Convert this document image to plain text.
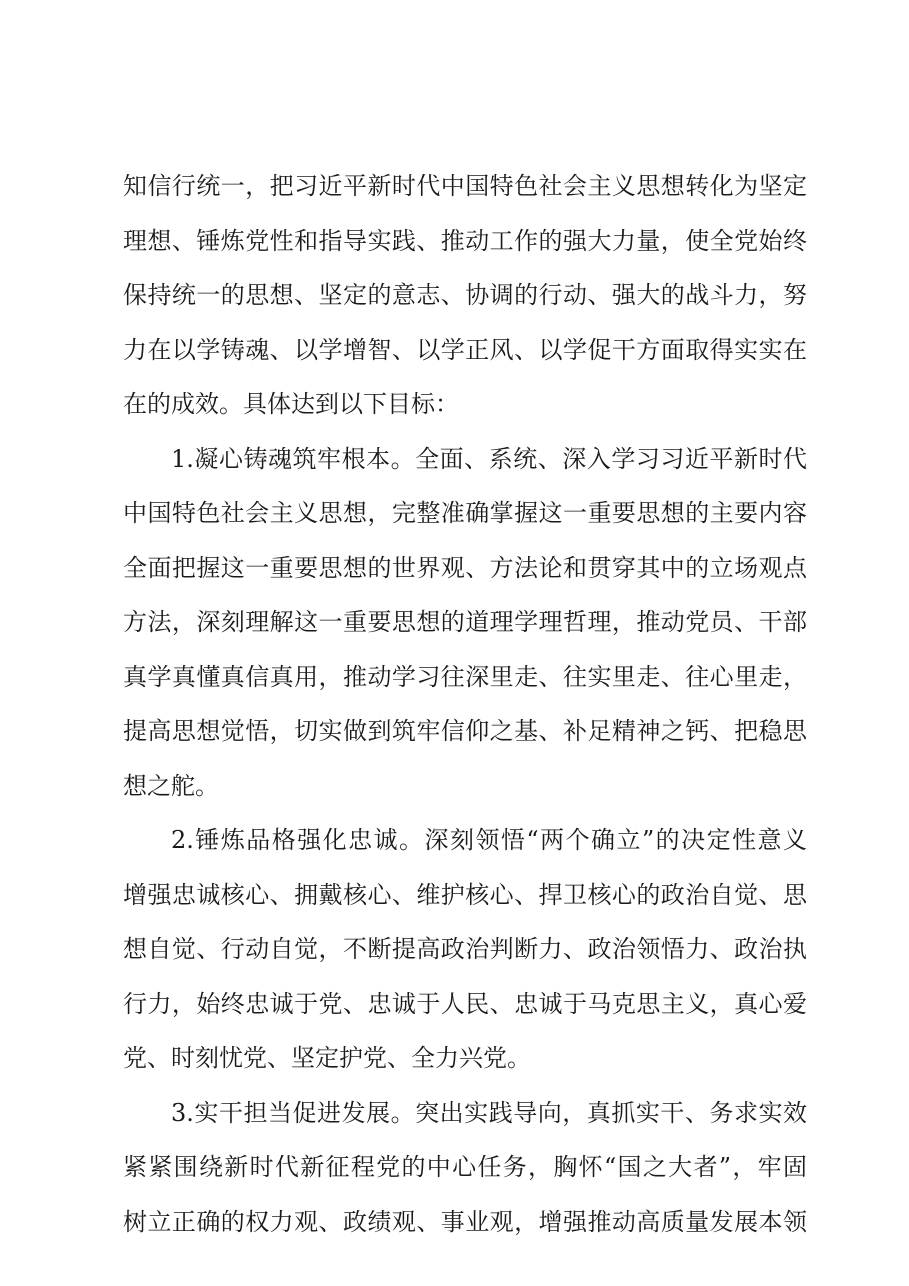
知信行统一，把习近平新时代中国特色社会主义思想转化为坚定
理想、锤炼党性和指导实践、推动工作的强大力量，使全党始终
保持统一的思想、坚定的意志、协调的行动、强大的战斗力，努
力在以学铸魂、以学增智、以学正风、以学促干方面取得实实在
在的成效。具体达到以下目标：
1.凝心铸魂筑牢根本。全面、系统、深入学习习近平新时代
中国特色社会主义思想，完整准确掌握这一重要思想的主要内容
全面把握这一重要思想的世界观、方法论和贯穿其中的立场观点
方法，深刻理解这一重要思想的道理学理哲理，推动党员、干部
真学真懂真信真用，推动学习往深里走、往实里走、往心里走，
提高思想觉悟，切实做到筑牢信仰之基、补足精神之钙、把稳思
想之舵。
2.锤炼品格强化忠诚。深刻领悟“两个确立”的决定性意义
增强忠诚核心、拥戴核心、维护核心、捍卫核心的政治自觉、思
想自觉、行动自觉，不断提高政治判断力、政治领悟力、政治执
行力，始终忠诚于党、忠诚于人民、忠诚于马克思主义，真心爱
党、时刻忧党、坚定护党、全力兴党。
3.实干担当促进发展。突出实践导向，真抓实干、务求实效
紧紧围绕新时代新征程党的中心任务，胸怀“国之大者”，牢固
树立正确的权力观、政绩观、事业观，增强推动高质量发展本领
